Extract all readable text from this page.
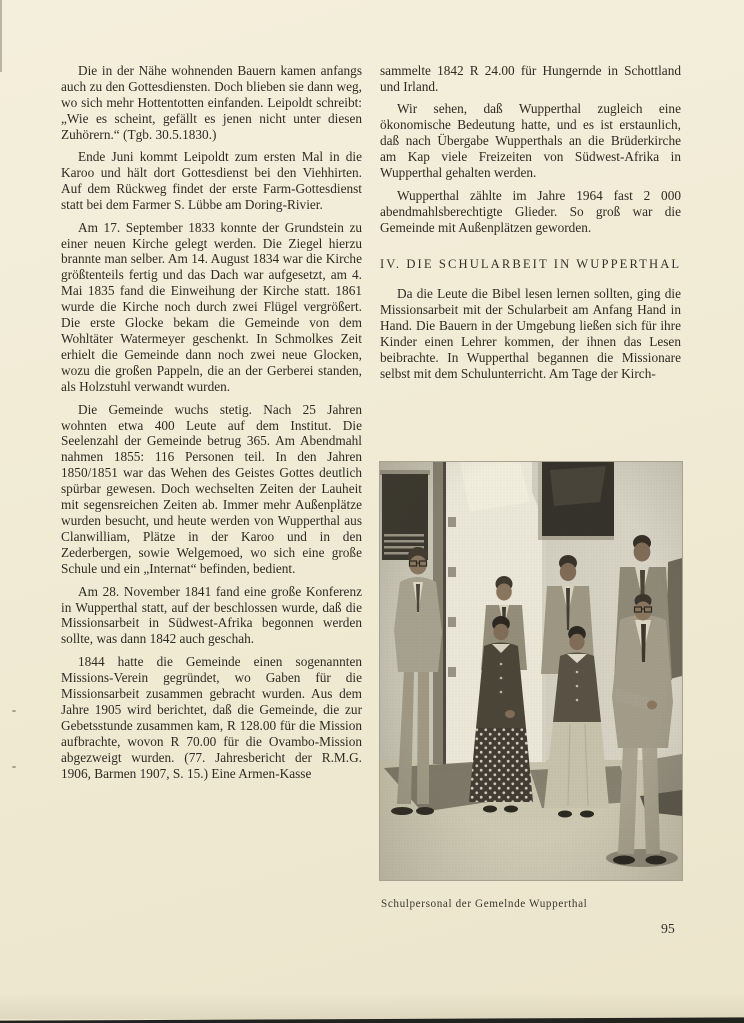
Die in der Nähe wohnenden Bauern kamen anfangs auch zu den Gottesdiensten. Doch blieben sie dann weg, wo sich mehr Hottentotten einfanden. Leipoldt schreibt: „Wie es scheint, gefällt es jenen nicht unter diesen Zuhörern.“ (Tgb. 30.5.1830.)

Ende Juni kommt Leipoldt zum ersten Mal in die Karoo und hält dort Gottesdienst bei den Viehhirten. Auf dem Rückweg findet der erste Farm-Gottesdienst statt bei dem Farmer S. Lübbe am Doring-Rivier.

Am 17. September 1833 konnte der Grundstein zu einer neuen Kirche gelegt werden. Die Ziegel hierzu brannte man selber. Am 14. August 1834 war die Kirche größtenteils fertig und das Dach war aufgesetzt, am 4. Mai 1835 fand die Einweihung der Kirche statt. 1861 wurde die Kirche noch durch zwei Flügel vergrößert. Die erste Glocke bekam die Gemeinde von dem Wohltäter Watermeyer geschenkt. In Schmolkes Zeit erhielt die Gemeinde dann noch zwei neue Glocken, wozu die großen Pappeln, die an der Gerberei standen, als Holzstuhl verwandt wurden.

Die Gemeinde wuchs stetig. Nach 25 Jahren wohnten etwa 400 Leute auf dem Institut. Die Seelenzahl der Gemeinde betrug 365. Am Abendmahl nahmen 1855: 116 Personen teil. In den Jahren 1850/1851 war das Wehen des Geistes Gottes deutlich spürbar gewesen. Doch wechselten Zeiten der Lauheit mit segensreichen Zeiten ab. Immer mehr Außenplätze wurden besucht, und heute werden von Wupperthal aus Clanwilliam, Plätze in der Karoo und in den Zederbergen, sowie Welgemoed, wo sich eine große Schule und ein „Internat“ befinden, bedient.

Am 28. November 1841 fand eine große Konferenz in Wupperthal statt, auf der beschlossen wurde, daß die Missionsarbeit in Südwest-Afrika begonnen werden sollte, was dann 1842 auch geschah.

1844 hatte die Gemeinde einen sogenannten Missions-Verein gegründet, wo Gaben für die Missionsarbeit zusammen gebracht wurden. Aus dem Jahre 1905 wird berichtet, daß die Gemeinde, die zur Gebetsstunde zusammen kam, R 128.00 für die Mission aufbrachte, wovon R 70.00 für die Ovambo-Mission abgezweigt wurden. (77. Jahresbericht der R.M.G. 1906, Barmen 1907, S. 15.) Eine Armen-Kasse

sammelte 1842 R 24.00 für Hungernde in Schottland und Irland.

Wir sehen, daß Wupperthal zugleich eine ökonomische Bedeutung hatte, und es ist erstaunlich, daß nach Übergabe Wupperthals an die Brüderkirche am Kap viele Freizeiten von Südwest-Afrika in Wupperthal gehalten werden.

Wupperthal zählte im Jahre 1964 fast 2 000 abendmahlsberechtigte Glieder. So groß war die Gemeinde mit Außenplätzen geworden.

IV. DIE SCHULARBEIT IN WUPPERTHAL

Da die Leute die Bibel lesen lernen sollten, ging die Missionsarbeit mit der Schularbeit am Anfang Hand in Hand. Die Bauern in der Umgebung ließen sich für ihre Kinder einen Lehrer kommen, der ihnen das Lesen beibrachte. In Wupperthal begannen die Missionare selbst mit dem Schulunterricht. Am Tage der Kirch-

Schulpersonal der Gemelnde Wupperthal
95
